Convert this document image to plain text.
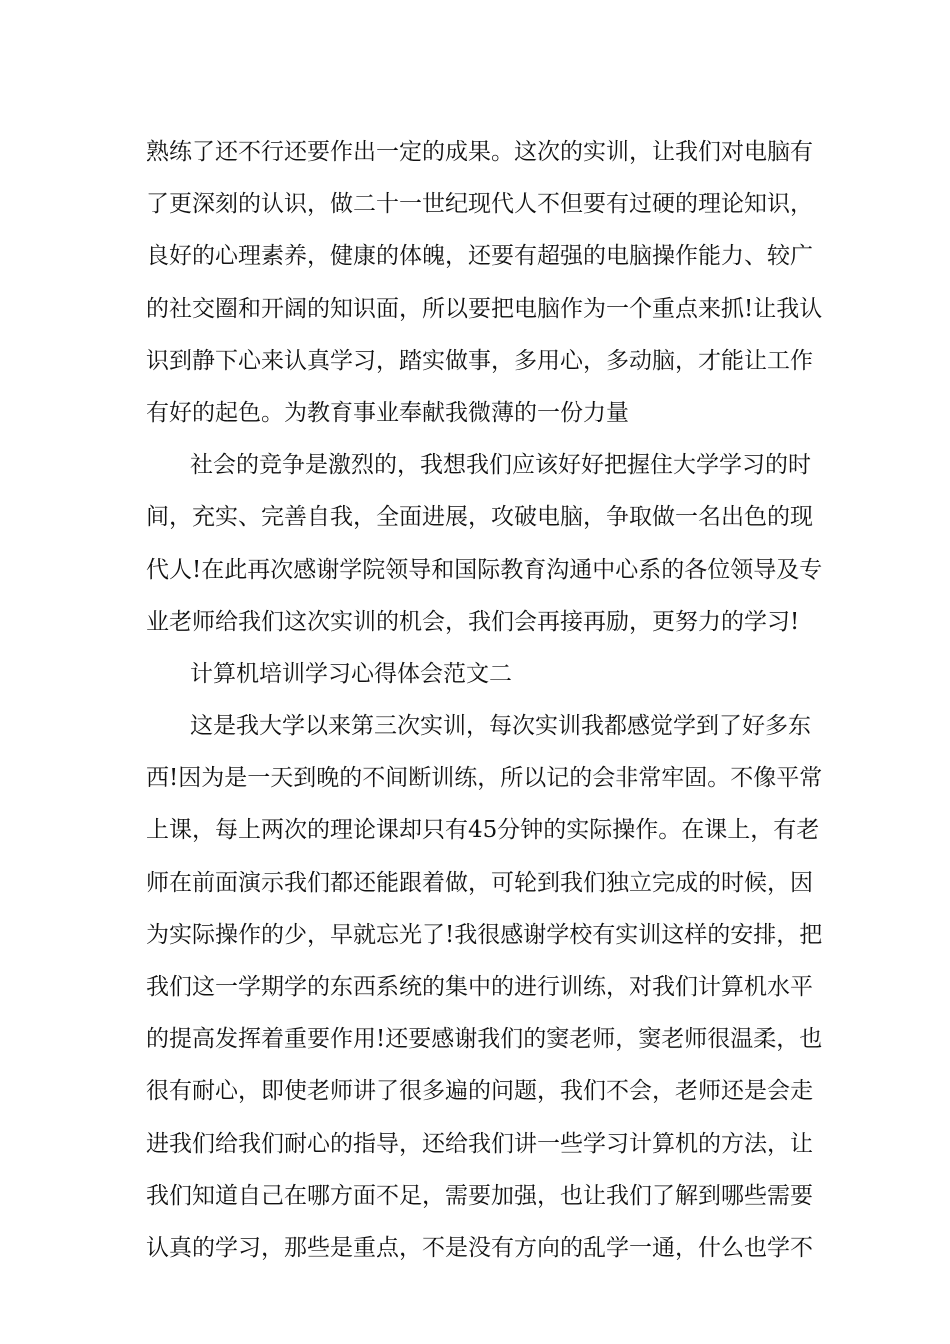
熟练了还不行还要作出一定的成果。这次的实训，让我们对电脑有
了更深刻的认识，做二十一世纪现代人不但要有过硬的理论知识，
良好的心理素养，健康的体魄，还要有超强的电脑操作能力、较广
的社交圈和开阔的知识面，所以要把电脑作为一个重点来抓!让我认
识到静下心来认真学习，踏实做事，多用心，多动脑，才能让工作
有好的起色。为教育事业奉献我微薄的一份力量
社会的竞争是激烈的，我想我们应该好好把握住大学学习的时
间，充实、完善自我，全面进展，攻破电脑，争取做一名出色的现
代人!在此再次感谢学院领导和国际教育沟通中心系的各位领导及专
业老师给我们这次实训的机会，我们会再接再励，更努力的学习!
计算机培训学习心得体会范文二
这是我大学以来第三次实训，每次实训我都感觉学到了好多东
西!因为是一天到晚的不间断训练，所以记的会非常牢固。不像平常
上课，每上两次的理论课却只有45分钟的实际操作。在课上，有老
师在前面演示我们都还能跟着做，可轮到我们独立完成的时候，因
为实际操作的少，早就忘光了!我很感谢学校有实训这样的安排，把
我们这一学期学的东西系统的集中的进行训练，对我们计算机水平
的提高发挥着重要作用!还要感谢我们的窦老师，窦老师很温柔，也
很有耐心，即使老师讲了很多遍的问题，我们不会，老师还是会走
进我们给我们耐心的指导，还给我们讲一些学习计算机的方法，让
我们知道自己在哪方面不足，需要加强，也让我们了解到哪些需要
认真的学习，那些是重点，不是没有方向的乱学一通，什么也学不
